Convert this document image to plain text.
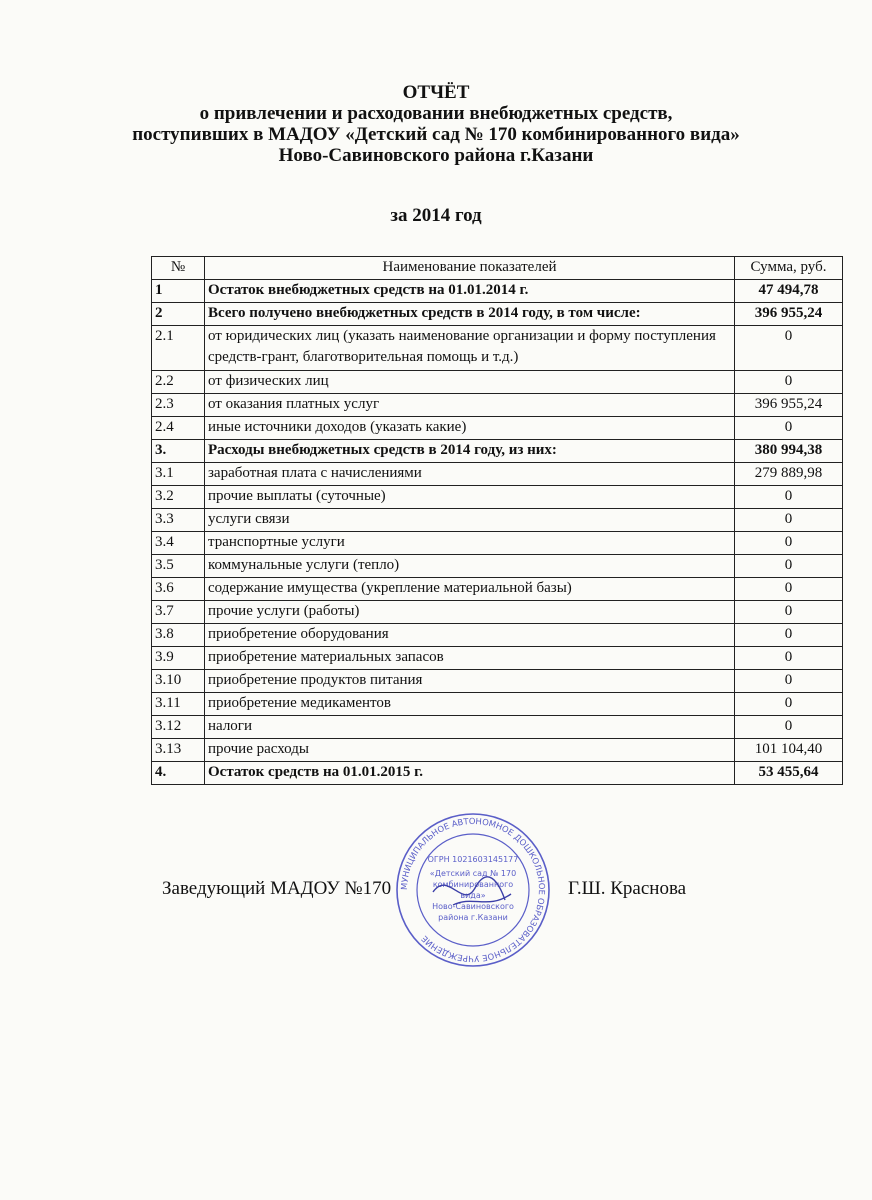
ОТЧЁТ
о привлечении и расходовании внебюджетных средств,
поступивших в МАДОУ «Детский сад № 170 комбинированного вида»
Ново-Савиновского района г.Казани
за 2014 год
№	Наименование показателей	Сумма, руб.
1	Остаток внебюджетных средств на 01.01.2014 г.	47 494,78
2	Всего получено внебюджетных средств в 2014 году, в том числе:	396 955,24
2.1	от юридических лиц (указать наименование организации и форму поступления средств-грант, благотворительная помощь и т.д.)	0
2.2	от физических лиц	0
2.3	от оказания платных услуг	396 955,24
2.4	иные источники доходов (указать какие)	0
3.	Расходы внебюджетных средств в 2014 году, из них:	380 994,38
3.1	заработная плата с начислениями	279 889,98
3.2	прочие выплаты (суточные)	0
3.3	услуги связи	0
3.4	транспортные услуги	0
3.5	коммунальные услуги (тепло)	0
3.6	содержание имущества (укрепление материальной базы)	0
3.7	прочие услуги (работы)	0
3.8	приобретение оборудования	0
3.9	приобретение материальных запасов	0
3.10	приобретение продуктов питания	0
3.11	приобретение медикаментов	0
3.12	налоги	0
3.13	прочие расходы	101 104,40
4.	Остаток средств на 01.01.2015 г.	53 455,64
Заведующий МАДОУ №170	Г.Ш. Краснова
МУНИЦИПАЛЬНОЕ АВТОНОМНОЕ ДОШКОЛЬНОЕ ОБРАЗОВАТЕЛЬНОЕ УЧРЕЖДЕНИЕ
ОГРН 1021603145177
«Детский сад № 170
комбинированного
вида»
Ново-Савиновского
района г.Казани
